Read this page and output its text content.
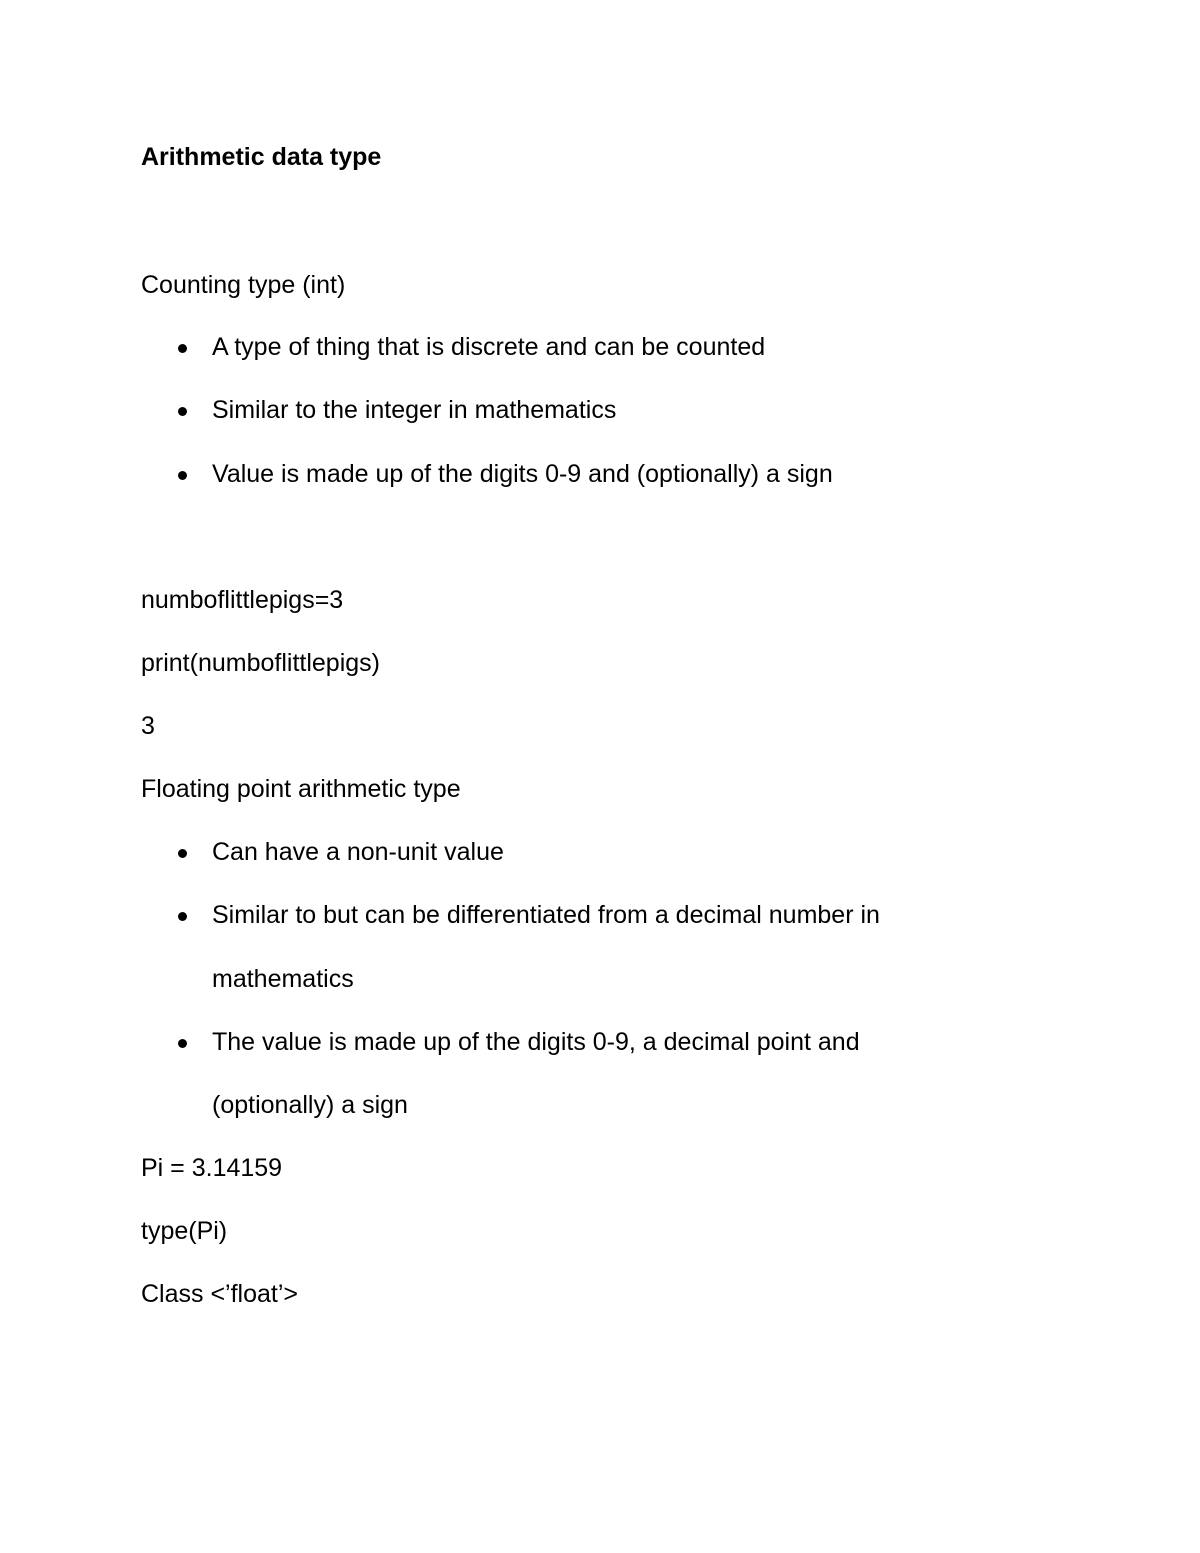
Arithmetic data type
Counting type (int)
A type of thing that is discrete and can be counted
Similar to the integer in mathematics
Value is made up of the digits 0-9 and (optionally) a sign
numboflittlepigs=3
print(numboflittlepigs)
3
Floating point arithmetic type
Can have a non-unit value
Similar to but can be differentiated from a decimal number in
mathematics
The value is made up of the digits 0-9, a decimal point and
(optionally) a sign
Pi = 3.14159
type(Pi)
Class <’float’>
